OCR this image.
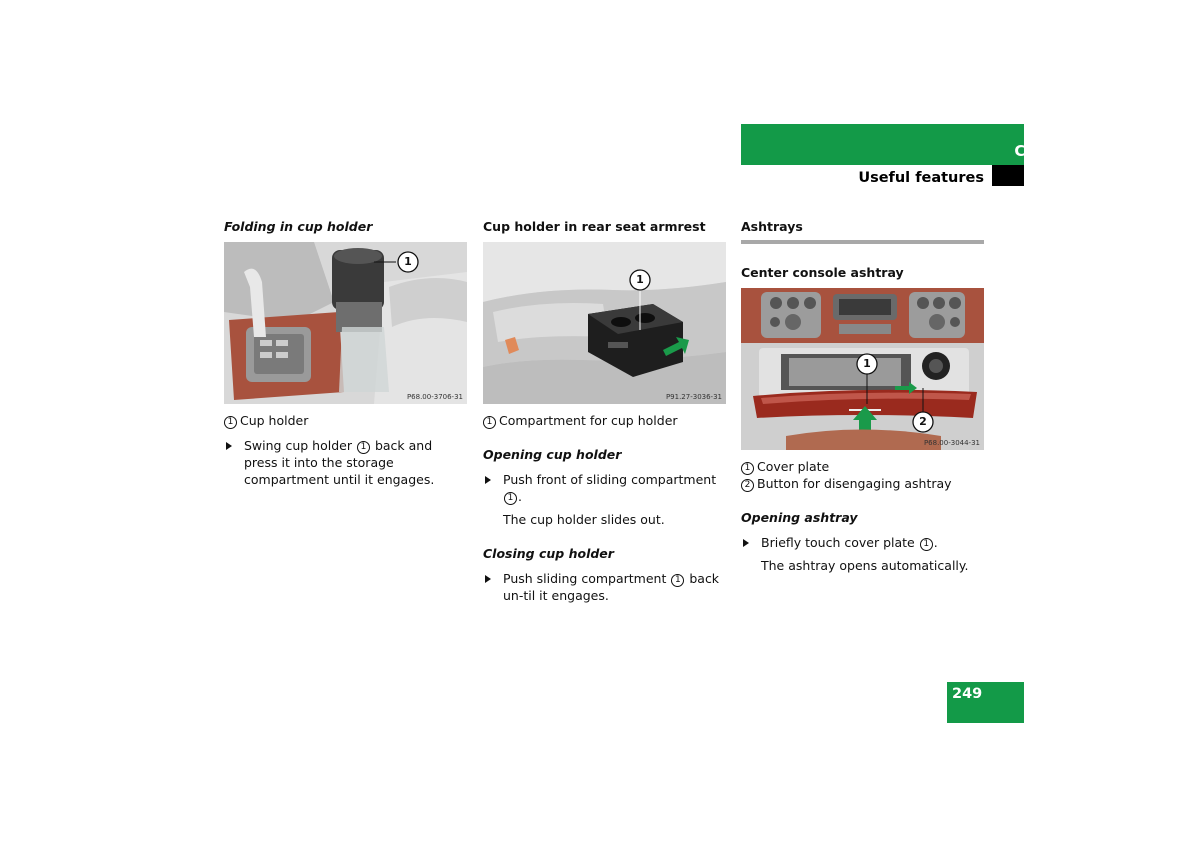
Controls in detail
Useful features
Folding in cup holder
1
P68.00-3706-31
1 Cup holder
Swing cup holder 1 back and press it into the storage compartment until it engages.
Cup holder in rear seat armrest
1
P91.27-3036-31
1 Compartment for cup holder
Opening cup holder
Push front of sliding compartment 1 .
The cup holder slides out.
Closing cup holder
Push sliding compartment 1 back un-til it engages.
Ashtrays
Center console ashtray
1
2
P68.00-3044-31
1 Cover plate
2 Button for disengaging ashtray
Opening ashtray
Briefly touch cover plate 1 .
The ashtray opens automatically.
249
